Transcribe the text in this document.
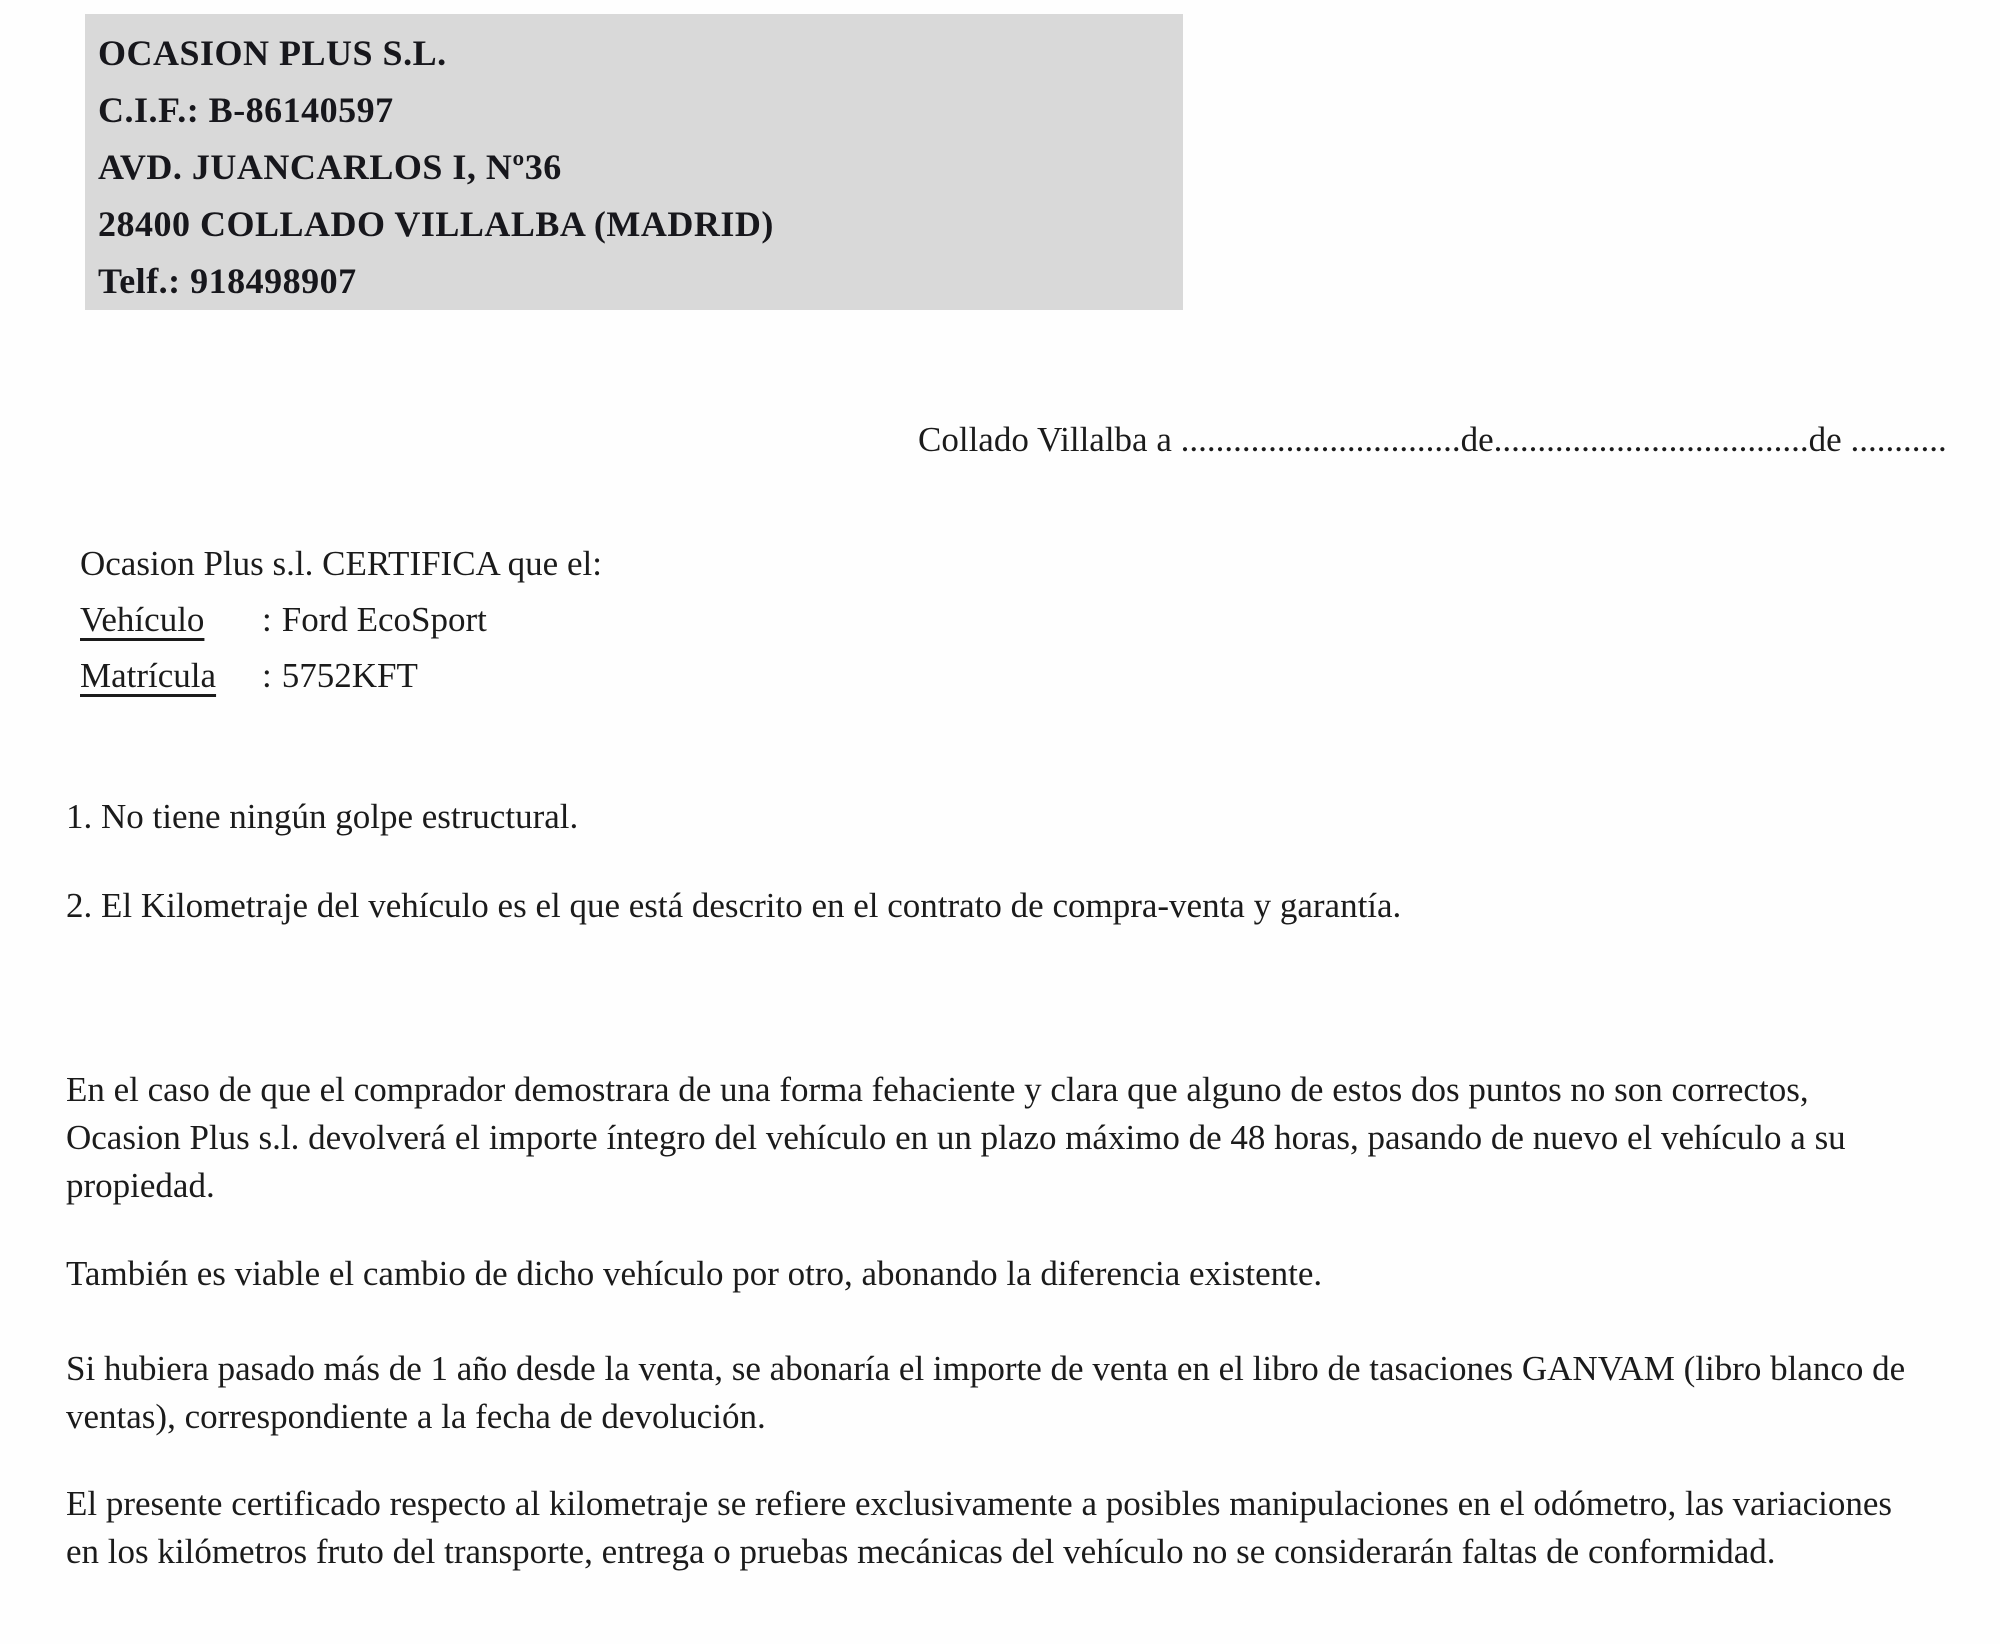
OCASION PLUS S.L.
C.I.F.: B-86140597
AVD. JUANCARLOS I, Nº36
28400 COLLADO VILLALBA (MADRID)
Telf.: 918498907
Collado Villalba a ................................de....................................de ...........
Ocasion Plus s.l. CERTIFICA que el:
Vehículo : Ford EcoSport
Matrícula : 5752KFT
1. No tiene ningún golpe estructural.
2. El Kilometraje del vehículo es el que está descrito en el contrato de compra-venta y garantía.
En el caso de que el comprador demostrara de una forma fehaciente y clara que alguno de estos dos puntos no son correctos, Ocasion Plus s.l. devolverá el importe íntegro del vehículo en un plazo máximo de 48 horas, pasando de nuevo el vehículo a su propiedad.
También es viable el cambio de dicho vehículo por otro, abonando la diferencia existente.
Si hubiera pasado más de 1 año desde la venta, se abonaría el importe de venta en el libro de tasaciones GANVAM (libro blanco de ventas), correspondiente a la fecha de devolución.
El presente certificado respecto al kilometraje se refiere exclusivamente a posibles manipulaciones en el odómetro, las variaciones en los kilómetros fruto del transporte, entrega o pruebas mecánicas del vehículo no se considerarán faltas de conformidad.
